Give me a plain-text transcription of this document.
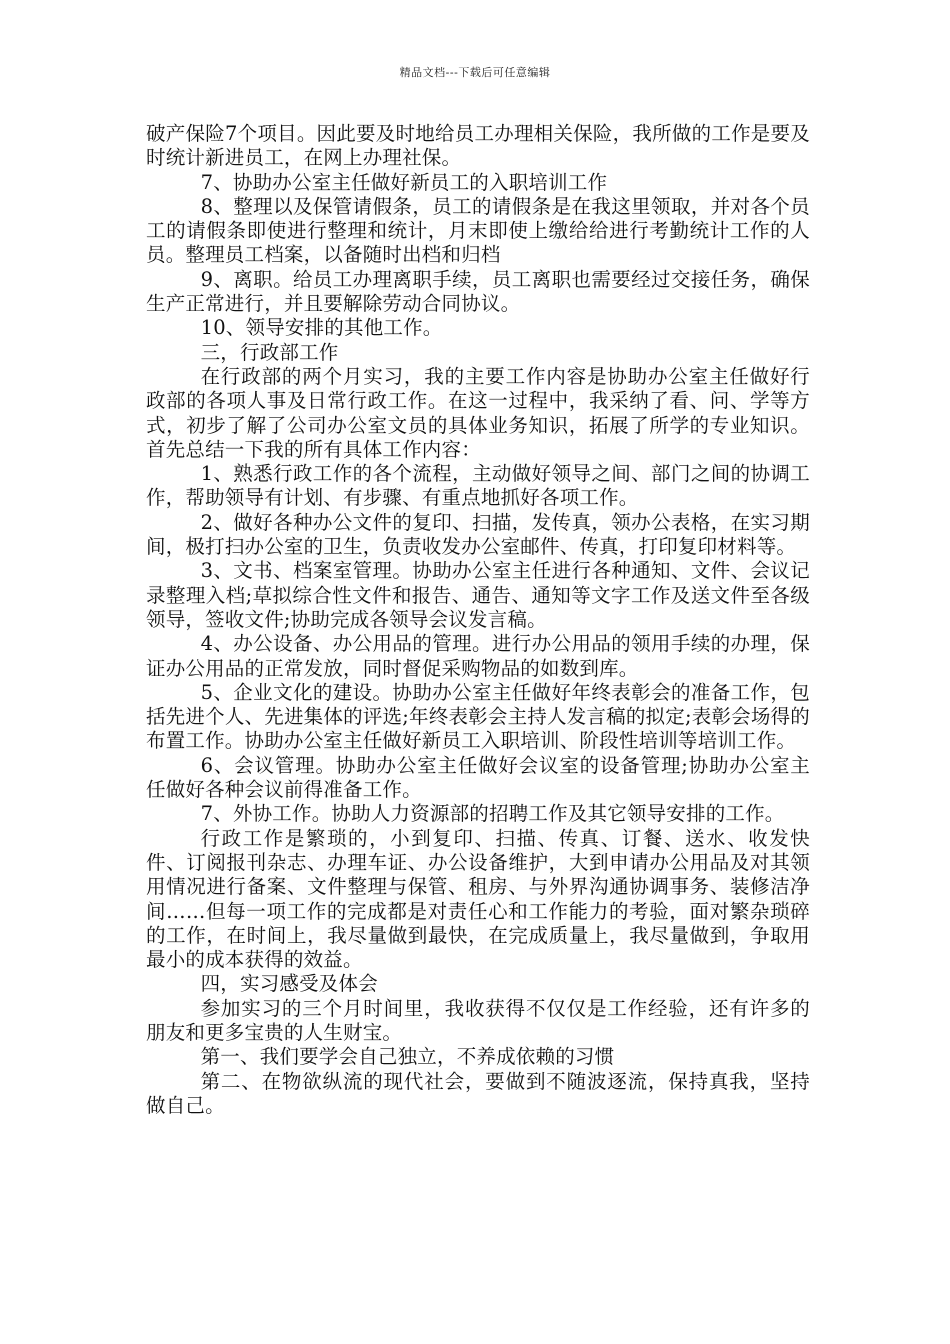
精品文档---下载后可任意编辑

破产保险7个项目。因此要及时地给员工办理相关保险，我所做的工作是要及时统计新进员工，在网上办理社保。

7、协助办公室主任做好新员工的入职培训工作

8、整理以及保管请假条，员工的请假条是在我这里领取，并对各个员工的请假条即使进行整理和统计，月末即使上缴给给进行考勤统计工作的人员。整理员工档案，以备随时出档和归档

9、离职。给员工办理离职手续，员工离职也需要经过交接任务，确保生产正常进行，并且要解除劳动合同协议。

10、领导安排的其他工作。

三，行政部工作

在行政部的两个月实习，我的主要工作内容是协助办公室主任做好行政部的各项人事及日常行政工作。在这一过程中，我采纳了看、问、学等方式，初步了解了公司办公室文员的具体业务知识，拓展了所学的专业知识。首先总结一下我的所有具体工作内容：

1、熟悉行政工作的各个流程，主动做好领导之间、部门之间的协调工作，帮助领导有计划、有步骤、有重点地抓好各项工作。

2、做好各种办公文件的复印、扫描，发传真，领办公表格，在实习期间，极打扫办公室的卫生，负责收发办公室邮件、传真，打印复印材料等。

3、文书、档案室管理。协助办公室主任进行各种通知、文件、会议记录整理入档;草拟综合性文件和报告、通告、通知等文字工作及送文件至各级领导，签收文件;协助完成各领导会议发言稿。

4、办公设备、办公用品的管理。进行办公用品的领用手续的办理，保证办公用品的正常发放，同时督促采购物品的如数到库。

5、企业文化的建设。协助办公室主任做好年终表彰会的准备工作，包括先进个人、先进集体的评选;年终表彰会主持人发言稿的拟定;表彰会场得的布置工作。协助办公室主任做好新员工入职培训、阶段性培训等培训工作。

6、会议管理。协助办公室主任做好会议室的设备管理;协助办公室主任做好各种会议前得准备工作。

7、外协工作。协助人力资源部的招聘工作及其它领导安排的工作。

行政工作是繁琐的，小到复印、扫描、传真、订餐、送水、收发快件、订阅报刊杂志、办理车证、办公设备维护，大到申请办公用品及对其领用情况进行备案、文件整理与保管、租房、与外界沟通协调事务、装修洁净间……但每一项工作的完成都是对责任心和工作能力的考验，面对繁杂琐碎的工作，在时间上，我尽量做到最快，在完成质量上，我尽量做到，争取用最小的成本获得的效益。

四，实习感受及体会

参加实习的三个月时间里，我收获得不仅仅是工作经验，还有许多的朋友和更多宝贵的人生财宝。

第一、我们要学会自己独立，不养成依赖的习惯

第二、在物欲纵流的现代社会，要做到不随波逐流，保持真我，坚持做自己。
